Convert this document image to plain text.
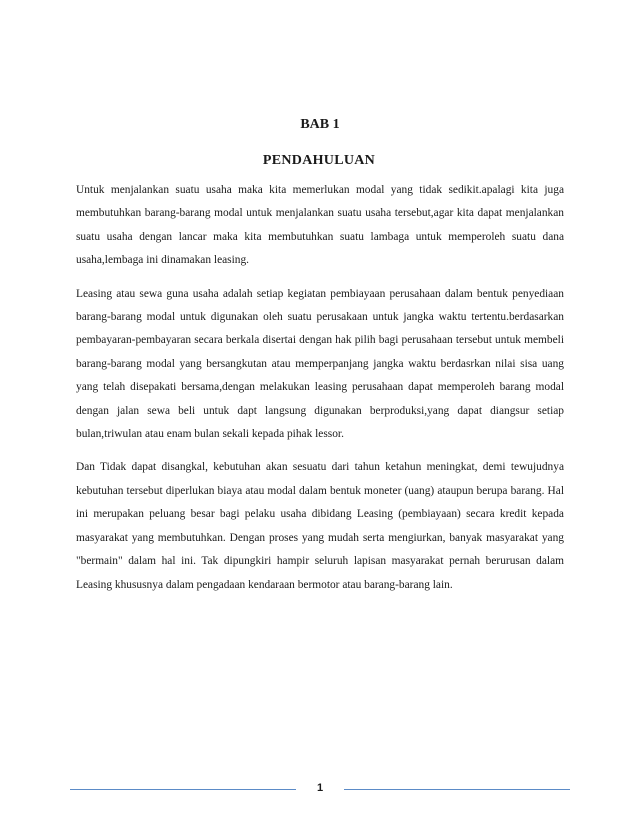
BAB 1
PENDAHULUAN

Untuk menjalankan suatu usaha maka kita memerlukan modal yang tidak sedikit.apalagi kita juga membutuhkan barang-barang modal untuk menjalankan suatu usaha tersebut,agar kita dapat menjalankan suatu usaha dengan lancar maka kita membutuhkan suatu lambaga untuk memperoleh suatu dana usaha,lembaga ini dinamakan leasing.

Leasing atau sewa guna usaha adalah setiap kegiatan pembiayaan perusahaan dalam bentuk penyediaan barang-barang modal untuk digunakan oleh suatu perusakaan untuk jangka waktu tertentu.berdasarkan pembayaran-pembayaran secara berkala disertai dengan hak pilih bagi perusahaan tersebut untuk membeli barang-barang modal yang bersangkutan atau memperpanjang jangka waktu berdasrkan nilai sisa uang yang telah disepakati bersama,dengan melakukan leasing perusahaan dapat memperoleh barang modal dengan jalan sewa beli untuk dapt langsung digunakan berproduksi,yang dapat diangsur setiap bulan,triwulan atau enam bulan sekali kepada pihak lessor.

Dan Tidak dapat disangkal, kebutuhan akan sesuatu dari tahun ketahun meningkat, demi tewujudnya kebutuhan tersebut diperlukan biaya atau modal dalam bentuk moneter (uang) ataupun berupa barang. Hal ini merupakan peluang besar bagi pelaku usaha dibidang Leasing (pembiayaan) secara kredit kepada masyarakat yang membutuhkan. Dengan proses yang mudah serta mengiurkan, banyak masyarakat yang "bermain" dalam hal ini. Tak dipungkiri hampir seluruh lapisan masyarakat pernah berurusan dalam Leasing khususnya dalam pengadaan kendaraan bermotor atau barang-barang lain.

1
